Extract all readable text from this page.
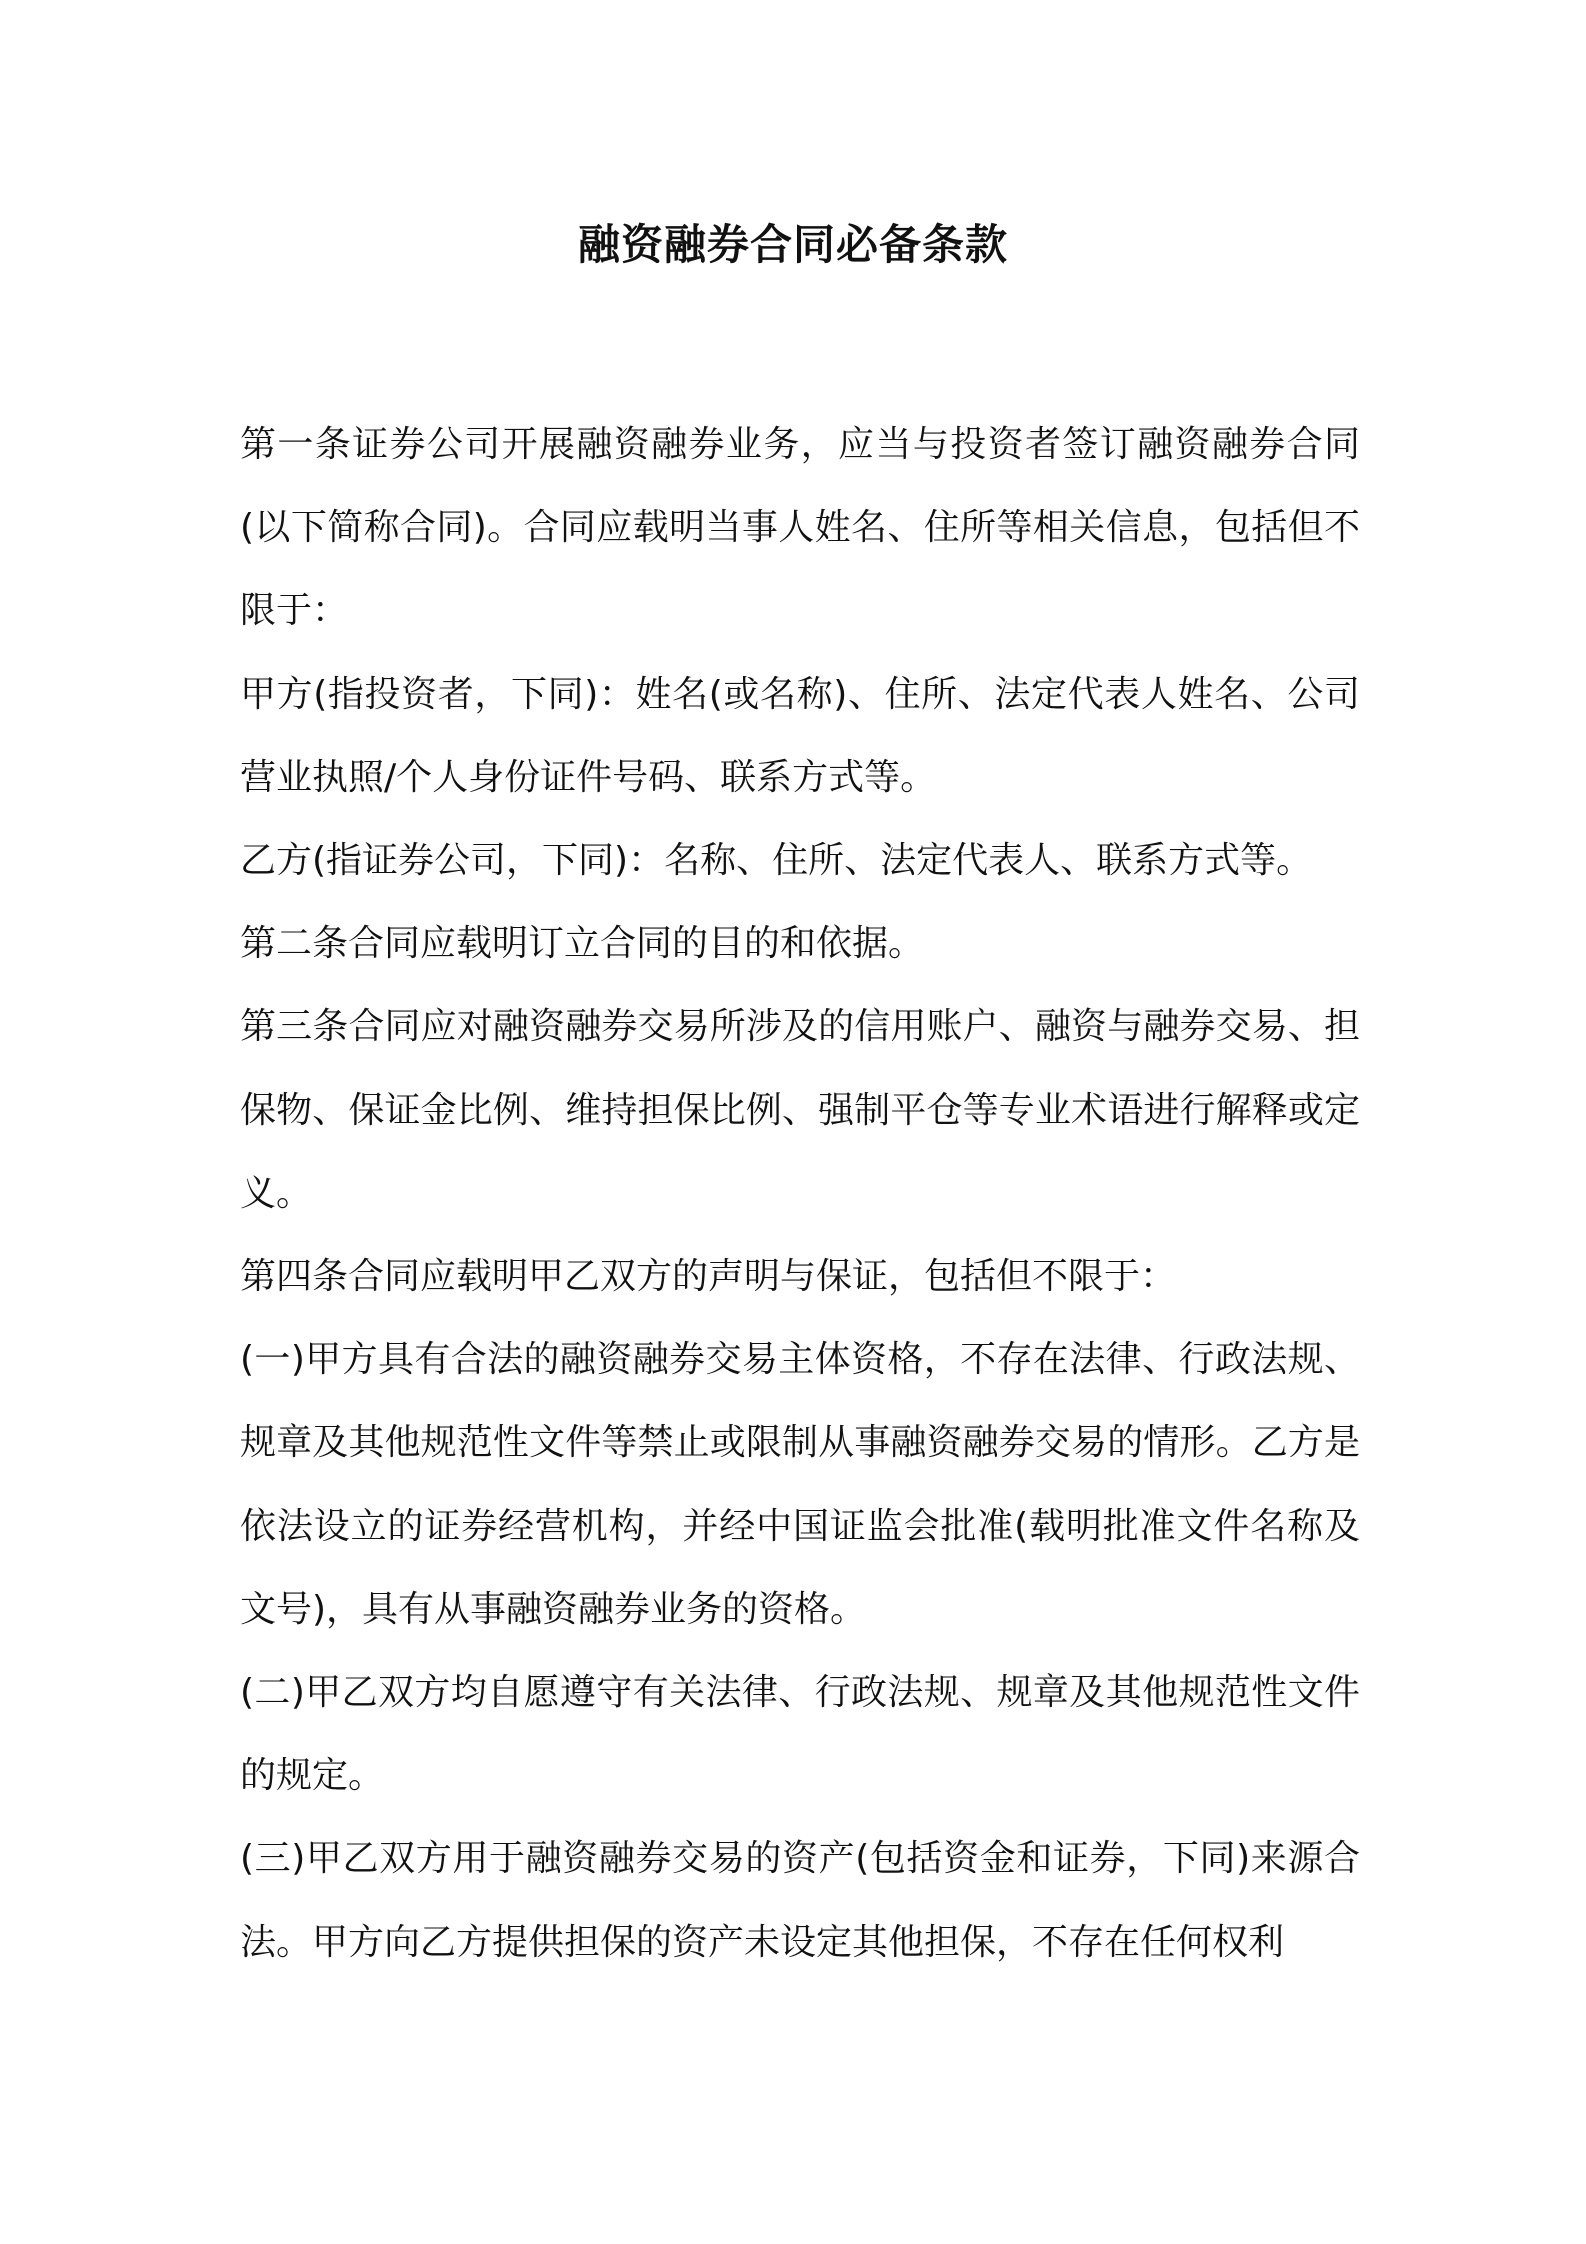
融资融券合同必备条款

第一条证券公司开展融资融券业务，应当与投资者签订融资融券合同(以下简称合同)。合同应载明当事人姓名、住所等相关信息，包括但不限于：

甲方(指投资者，下同)：姓名(或名称)、住所、法定代表人姓名、公司营业执照/个人身份证件号码、联系方式等。

乙方(指证券公司，下同)：名称、住所、法定代表人、联系方式等。

第二条合同应载明订立合同的目的和依据。

第三条合同应对融资融券交易所涉及的信用账户、融资与融券交易、担保物、保证金比例、维持担保比例、强制平仓等专业术语进行解释或定义。

第四条合同应载明甲乙双方的声明与保证，包括但不限于：

(一)甲方具有合法的融资融券交易主体资格，不存在法律、行政法规、规章及其他规范性文件等禁止或限制从事融资融券交易的情形。乙方是依法设立的证券经营机构，并经中国证监会批准(载明批准文件名称及文号)，具有从事融资融券业务的资格。

(二)甲乙双方均自愿遵守有关法律、行政法规、规章及其他规范性文件的规定。

(三)甲乙双方用于融资融券交易的资产(包括资金和证券，下同)来源合法。甲方向乙方提供担保的资产未设定其他担保，不存在任何权利
